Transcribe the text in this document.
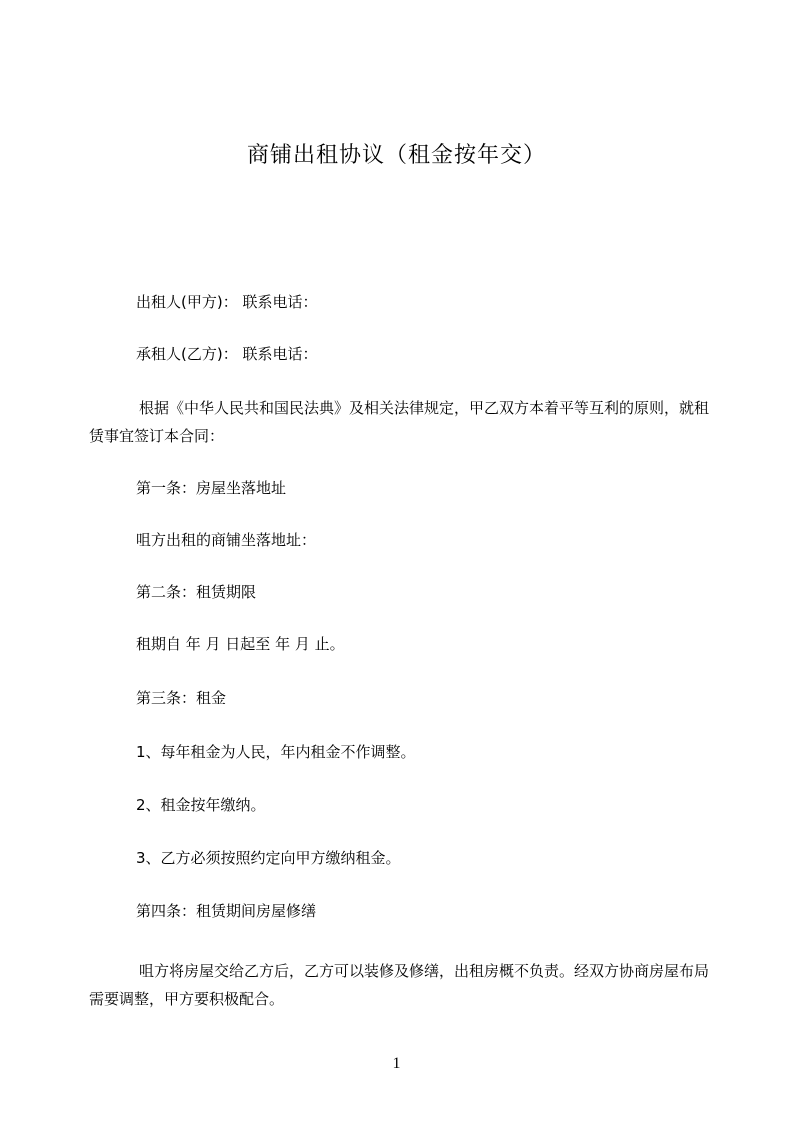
商铺出租协议（租金按年交）
出租人(甲方)： 联系电话：
承租人(乙方)： 联系电话：

根据《中华人民共和国民法典》及相关法律规定，甲乙双方本着平等互利的原则，就租赁事宜签订本合同：

第一条：房屋坐落地址
咀方出租的商铺坐落地址：
第二条：租赁期限
租期自 年 月 日起至 年 月 止。
第三条：租金
1、每年租金为人民，年内租金不作调整。
2、租金按年缴纳。
3、乙方必须按照约定向甲方缴纳租金。
第四条：租赁期间房屋修缮

咀方将房屋交给乙方后，乙方可以装修及修缮，出租房概不负责。经双方协商房屋布局需要调整，甲方要积极配合。

1
